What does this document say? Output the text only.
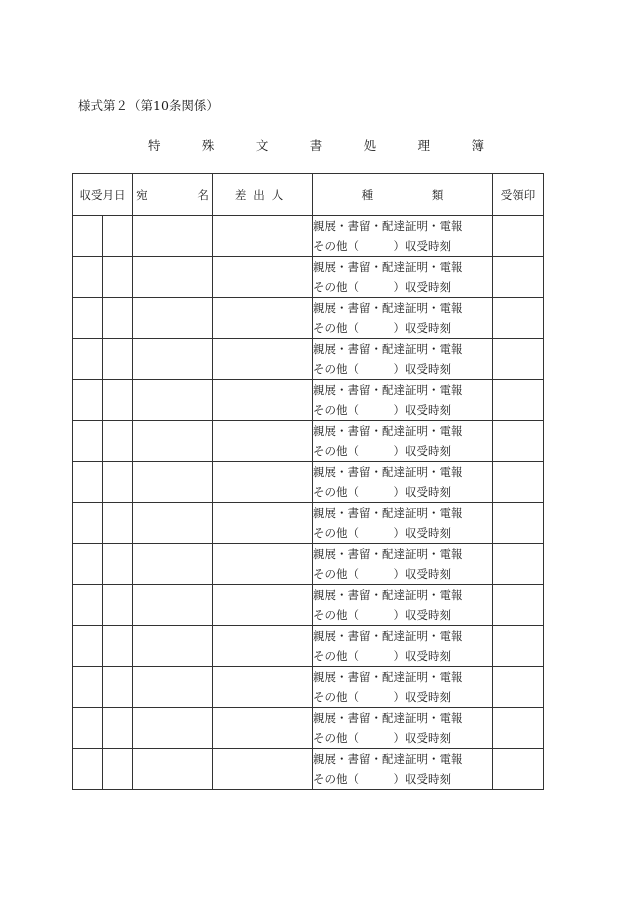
様式第２（第10条関係）
特	殊	文	書	処	理	簿
収受月日		宛 名	差出人	種 類	受領印

				親展・書留・配達証明・電報
その他（　　　）収受時刻	

				親展・書留・配達証明・電報
その他（　　　）収受時刻	

				親展・書留・配達証明・電報
その他（　　　）収受時刻	

				親展・書留・配達証明・電報
その他（　　　）収受時刻	

				親展・書留・配達証明・電報
その他（　　　）収受時刻	

				親展・書留・配達証明・電報
その他（　　　）収受時刻	

				親展・書留・配達証明・電報
その他（　　　）収受時刻	

				親展・書留・配達証明・電報
その他（　　　）収受時刻	

				親展・書留・配達証明・電報
その他（　　　）収受時刻	

				親展・書留・配達証明・電報
その他（　　　）収受時刻	

				親展・書留・配達証明・電報
その他（　　　）収受時刻	

				親展・書留・配達証明・電報
その他（　　　）収受時刻	

				親展・書留・配達証明・電報
その他（　　　）収受時刻	

				親展・書留・配達証明・電報
その他（　　　）収受時刻	
